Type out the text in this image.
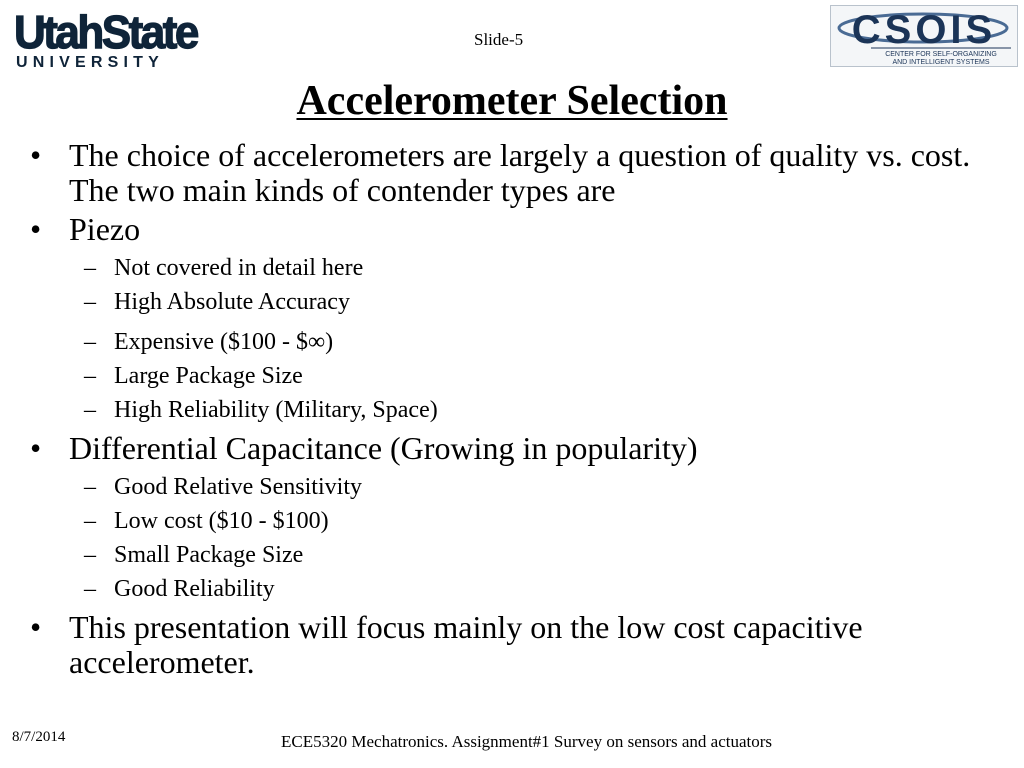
UtahState
UNIVERSITY
Slide-5	CSOIS
CENTER FOR SELF-ORGANIZING
AND INTELLIGENT SYSTEMS
Accelerometer Selection
• The choice of accelerometers are largely a question of quality vs. cost. The two main kinds of contender types are
• Piezo
– Not covered in detail here
– High Absolute Accuracy
– Expensive ($100 - $∞)
– Large Package Size
– High Reliability (Military, Space)
• Differential Capacitance (Growing in popularity)
– Good Relative Sensitivity
– Low cost ($10 - $100)
– Small Package Size
– Good Reliability
• This presentation will focus mainly on the low cost capacitive accelerometer.
8/7/2014	ECE5320 Mechatronics. Assignment#1 Survey on sensors and actuators
